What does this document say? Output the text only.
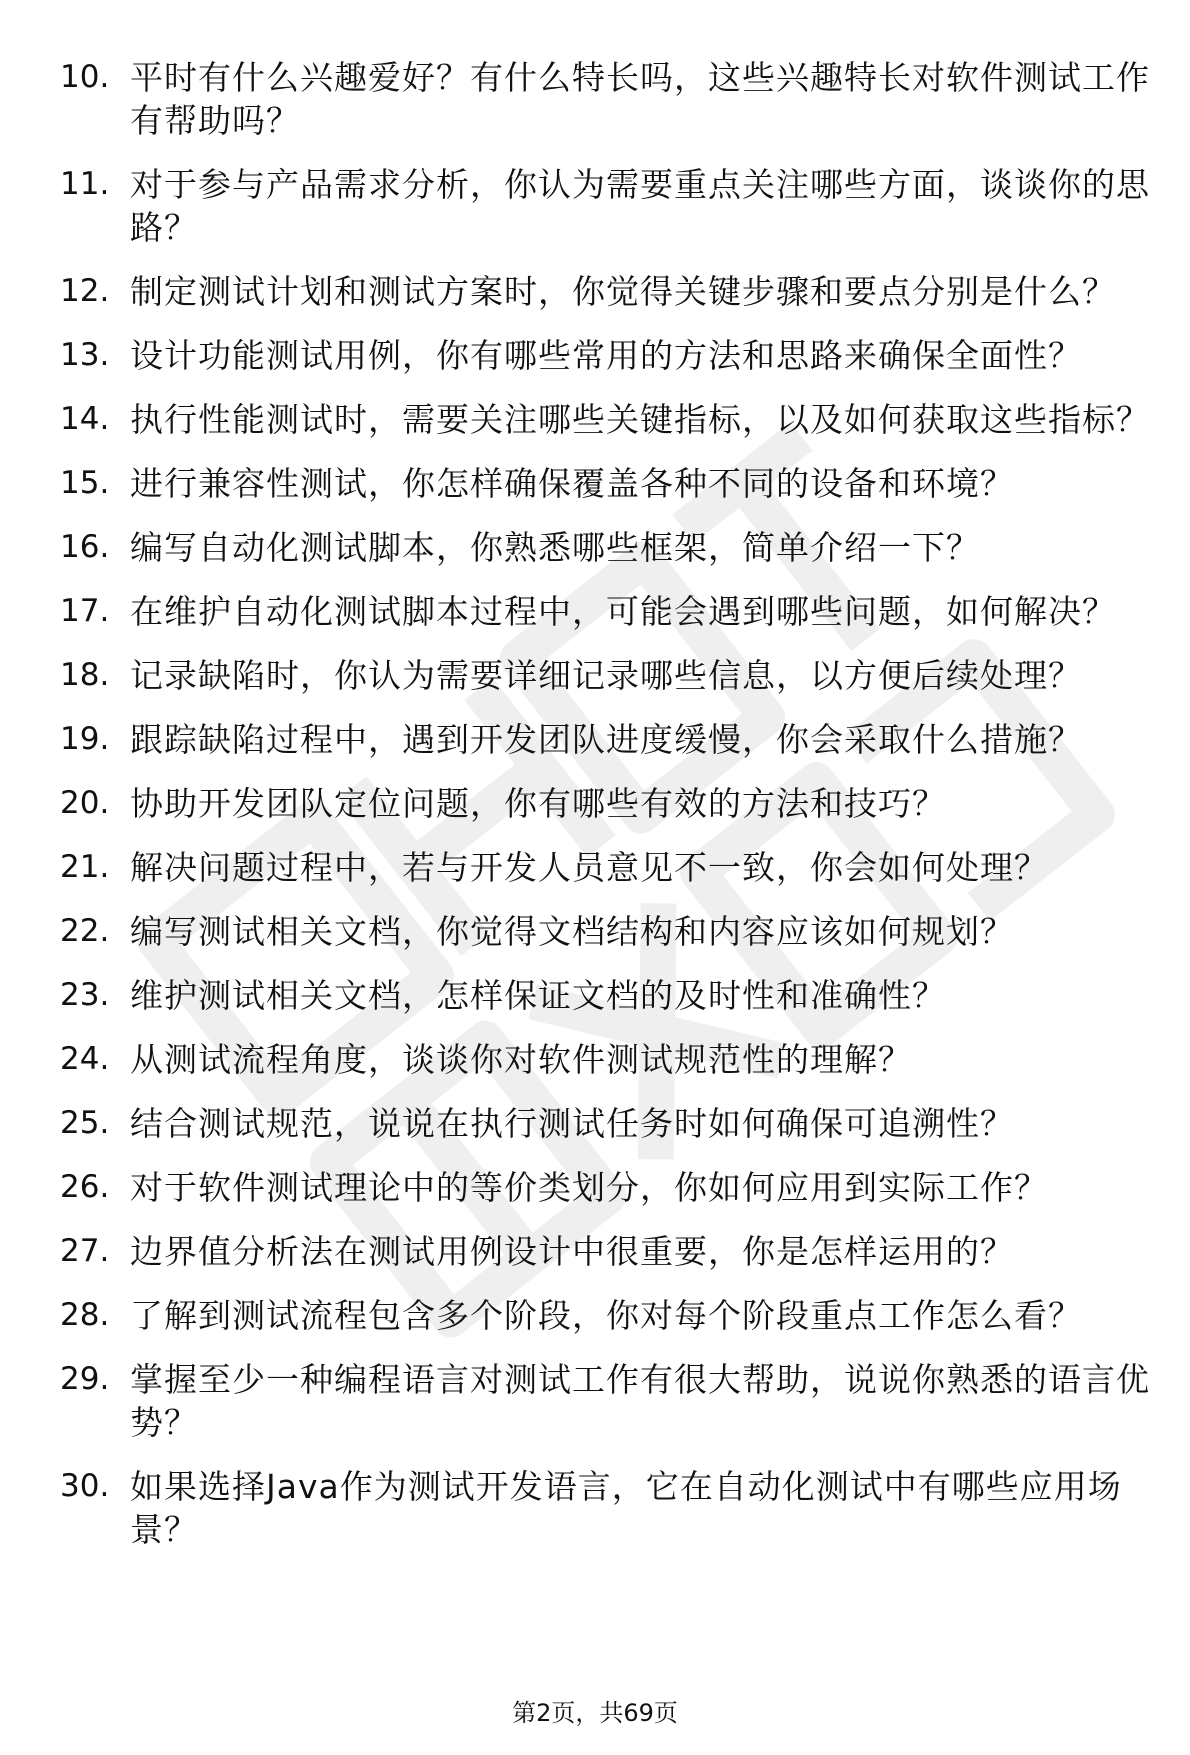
10. 平时有什么兴趣爱好？有什么特长吗，这些兴趣特长对软件测试工作有帮助吗？
11. 对于参与产品需求分析，你认为需要重点关注哪些方面，谈谈你的思路？
12. 制定测试计划和测试方案时，你觉得关键步骤和要点分别是什么？
13. 设计功能测试用例，你有哪些常用的方法和思路来确保全面性？
14. 执行性能测试时，需要关注哪些关键指标，以及如何获取这些指标？
15. 进行兼容性测试，你怎样确保覆盖各种不同的设备和环境？
16. 编写自动化测试脚本，你熟悉哪些框架，简单介绍一下？
17. 在维护自动化测试脚本过程中，可能会遇到哪些问题，如何解决？
18. 记录缺陷时，你认为需要详细记录哪些信息，以方便后续处理？
19. 跟踪缺陷过程中，遇到开发团队进度缓慢，你会采取什么措施？
20. 协助开发团队定位问题，你有哪些有效的方法和技巧？
21. 解决问题过程中，若与开发人员意见不一致，你会如何处理？
22. 编写测试相关文档，你觉得文档结构和内容应该如何规划？
23. 维护测试相关文档，怎样保证文档的及时性和准确性？
24. 从测试流程角度，谈谈你对软件测试规范性的理解？
25. 结合测试规范，说说在执行测试任务时如何确保可追溯性？
26. 对于软件测试理论中的等价类划分，你如何应用到实际工作？
27. 边界值分析法在测试用例设计中很重要，你是怎样运用的？
28. 了解到测试流程包含多个阶段，你对每个阶段重点工作怎么看？
29. 掌握至少一种编程语言对测试工作有很大帮助，说说你熟悉的语言优势？
30. 如果选择Java作为测试开发语言，它在自动化测试中有哪些应用场景？
第2页，共69页
